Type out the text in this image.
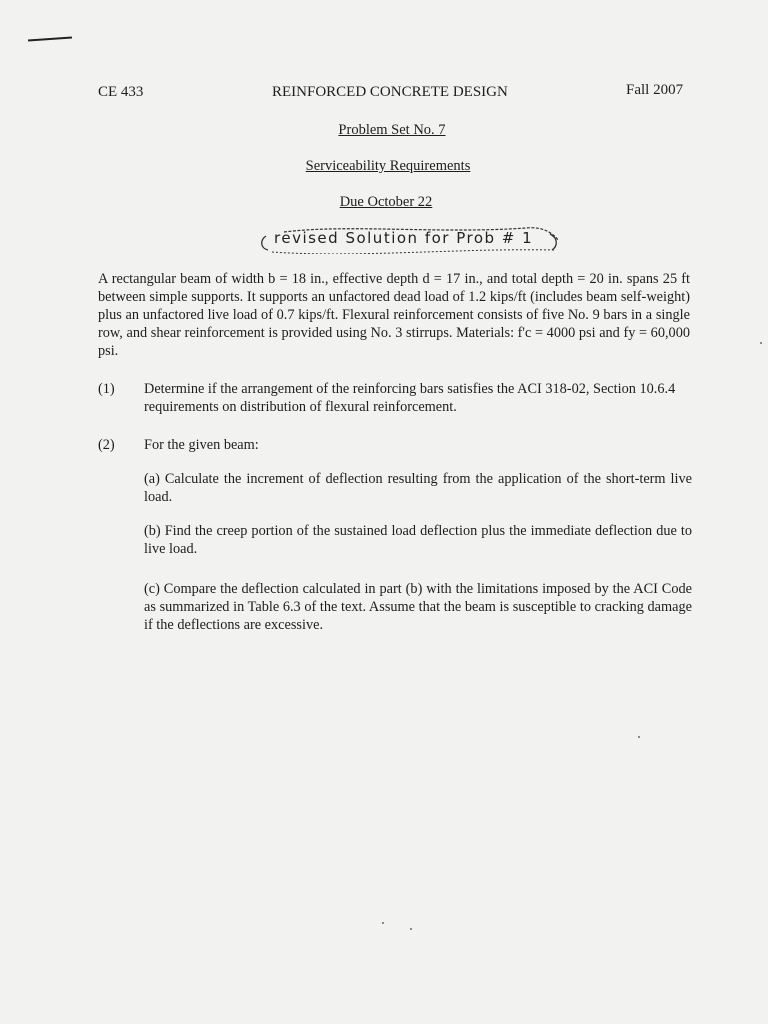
CE 433	REINFORCED CONCRETE DESIGN	Fall 2007
Problem Set No. 7
Serviceability Requirements
Due October 22
revised Solution for Prob # 1
A rectangular beam of width b = 18 in., effective depth d = 17 in., and total depth = 20 in. spans 25 ft between simple supports. It supports an unfactored dead load of 1.2 kips/ft (includes beam self-weight) plus an unfactored live load of 0.7 kips/ft. Flexural reinforcement consists of five No. 9 bars in a single row, and shear reinforcement is provided using No. 3 stirrups. Materials: f'c = 4000 psi and fy = 60,000 psi.
(1) Determine if the arrangement of the reinforcing bars satisfies the ACI 318-02, Section 10.6.4 requirements on distribution of flexural reinforcement.
(2) For the given beam:
(a) Calculate the increment of deflection resulting from the application of the short-term live load.
(b) Find the creep portion of the sustained load deflection plus the immediate deflection due to live load.
(c) Compare the deflection calculated in part (b) with the limitations imposed by the ACI Code as summarized in Table 6.3 of the text. Assume that the beam is susceptible to cracking damage if the deflections are excessive.
